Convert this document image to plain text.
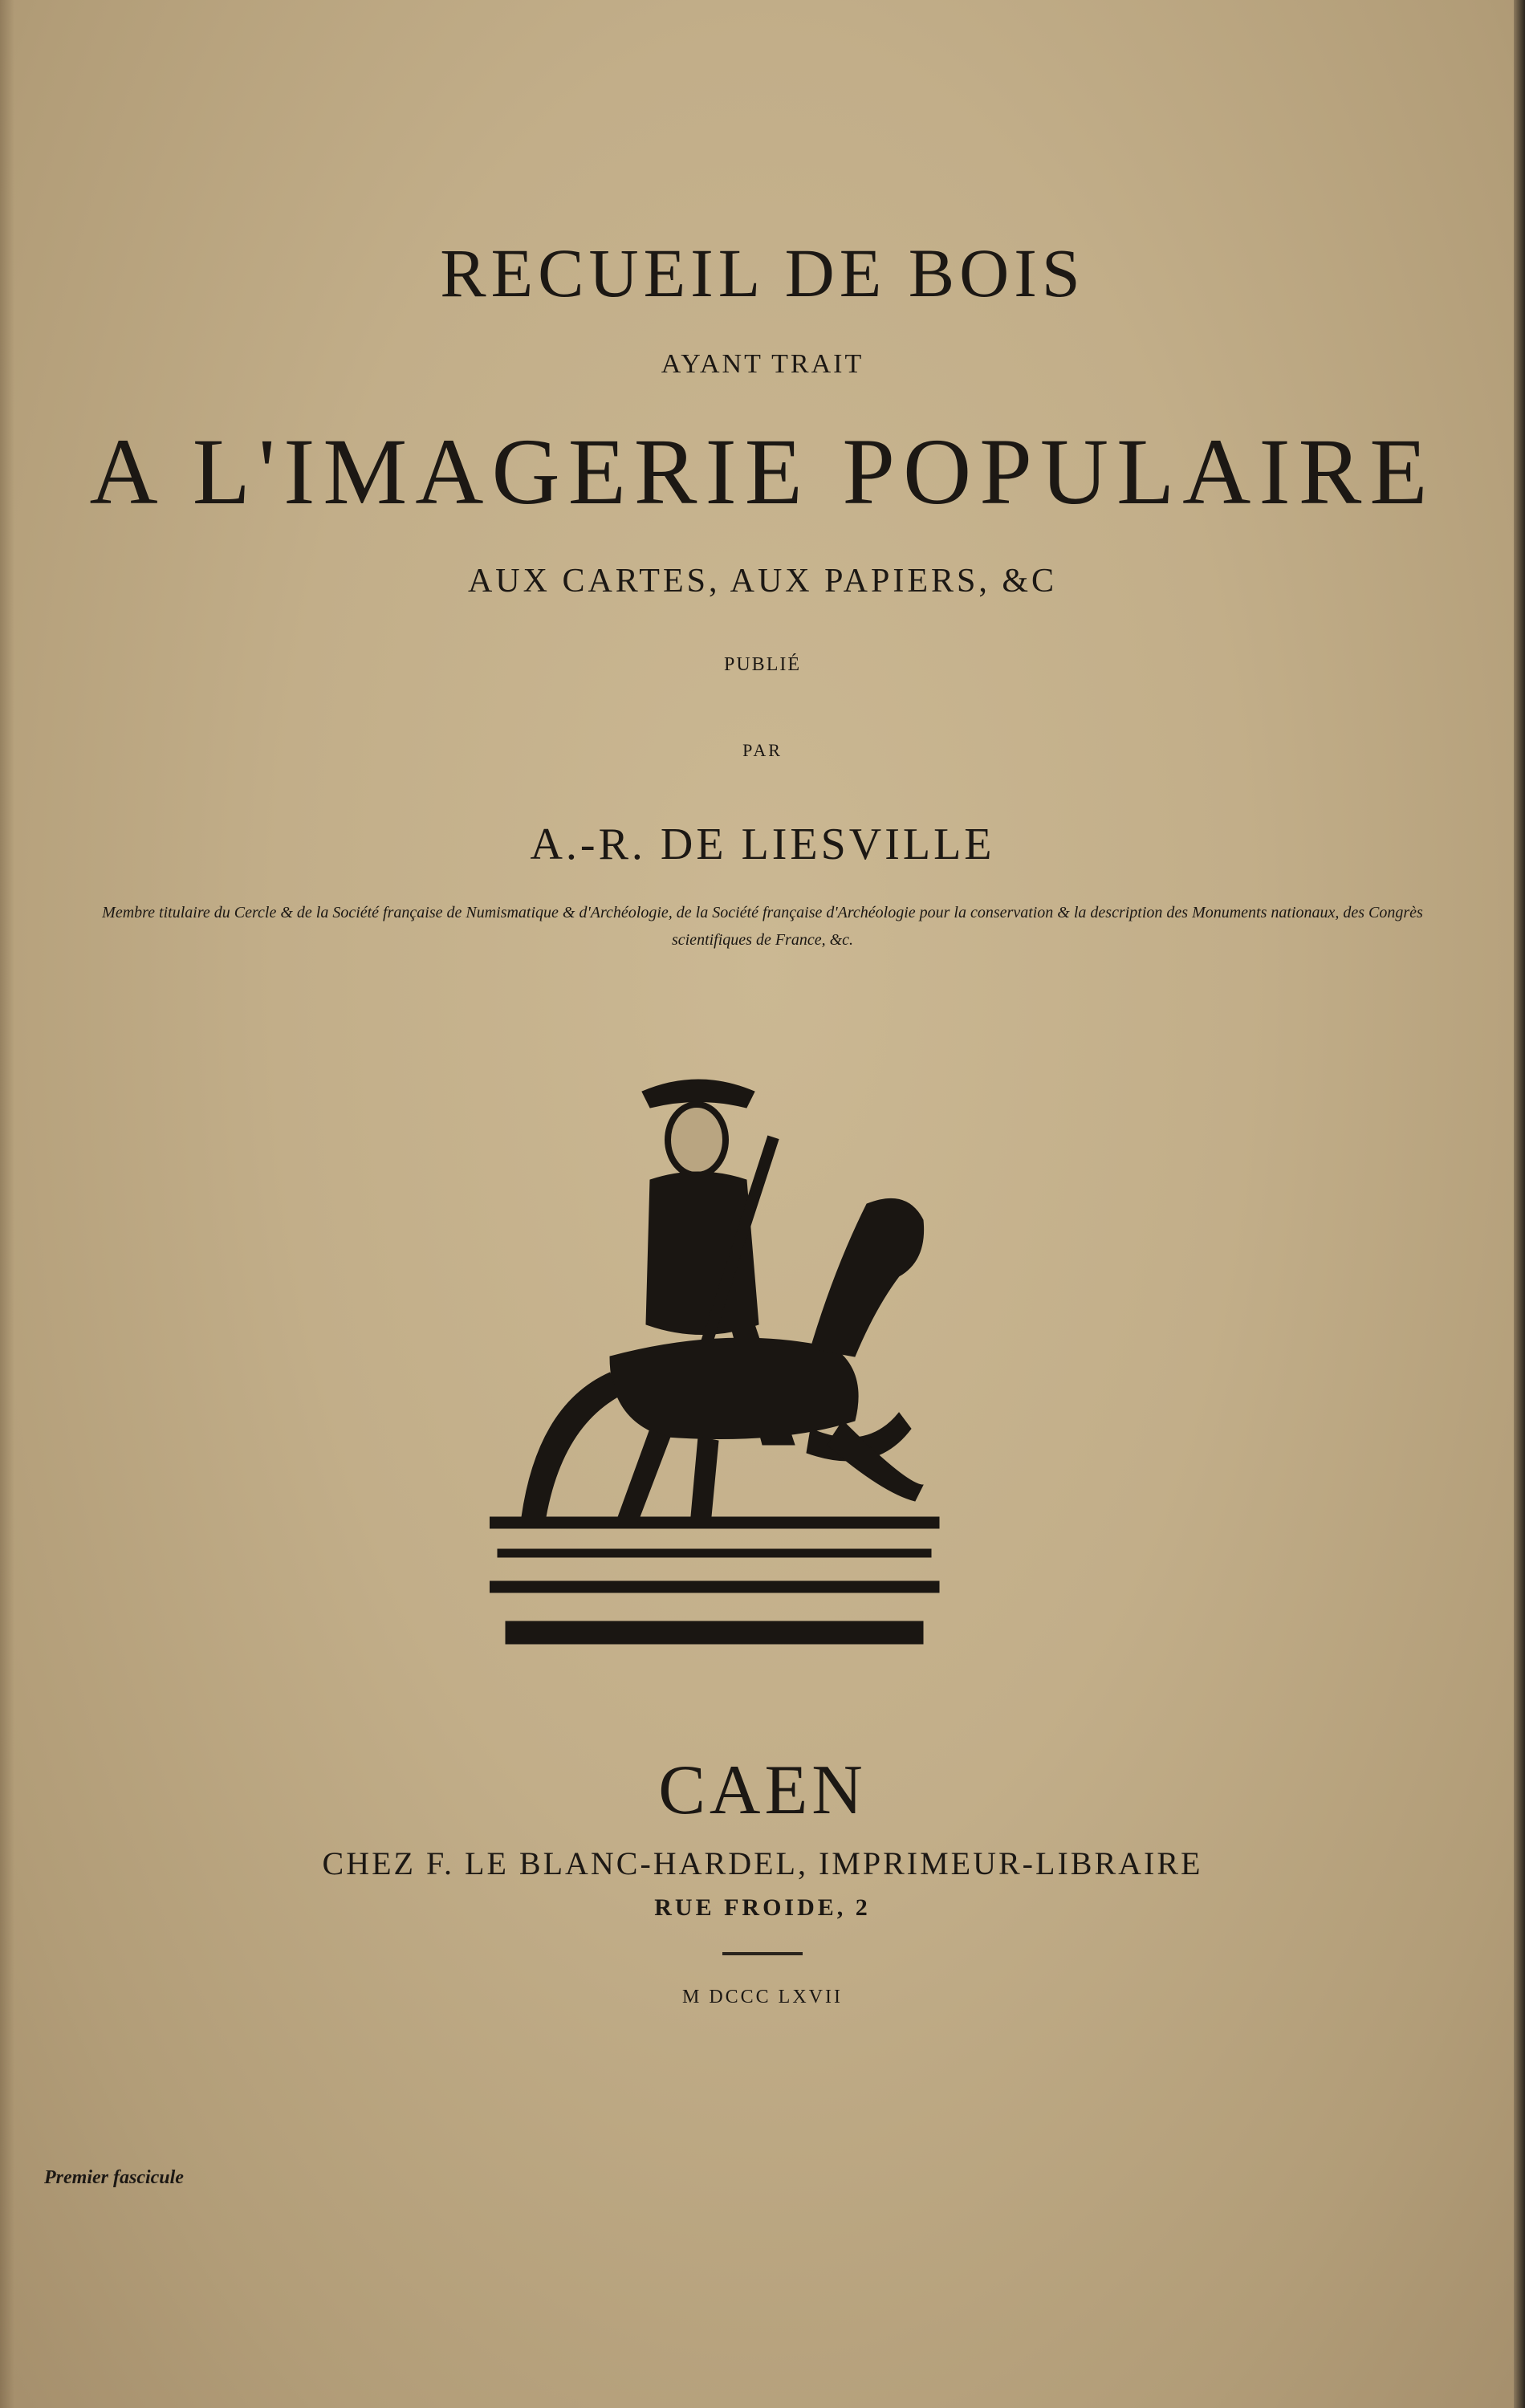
RECUEIL DE BOIS
AYANT TRAIT
A L'IMAGERIE POPULAIRE
AUX CARTES, AUX PAPIERS, &C
PUBLIÉ
PAR
A.-R. DE LIESVILLE
Membre titulaire du Cercle & de la Société française de Numismatique & d'Archéologie, de la Société française d'Archéologie pour la conservation & la description des Monuments nationaux, des Congrès scientifiques de France, &c.
CAEN
CHEZ F. LE BLANC-HARDEL, IMPRIMEUR-LIBRAIRE
RUE FROIDE, 2
M DCCC LXVII
Premier fascicule
